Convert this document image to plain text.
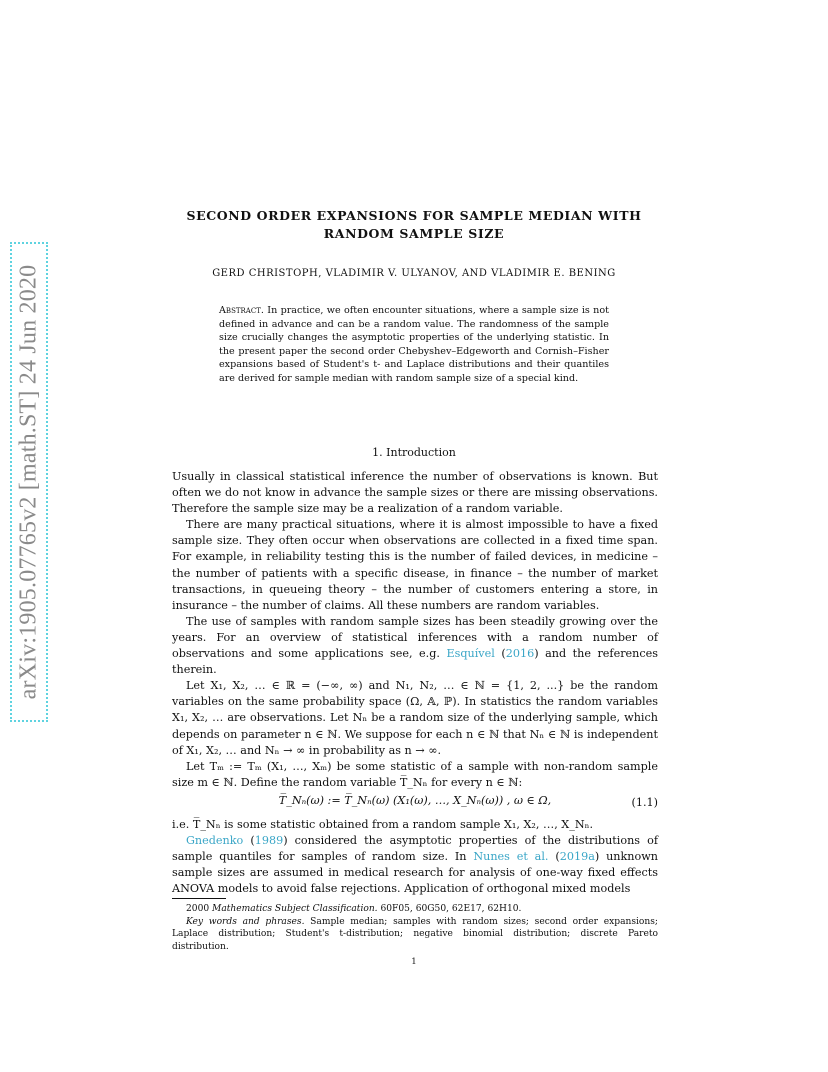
arXiv:1905.07765v2 [math.ST] 24 Jun 2020
SECOND ORDER EXPANSIONS FOR SAMPLE MEDIAN WITH
RANDOM SAMPLE SIZE
GERD CHRISTOPH, VLADIMIR V. ULYANOV, AND VLADIMIR E. BENING
Abstract. In practice, we often encounter situations, where a sample size is not defined in advance and can be a random value. The randomness of the sample size crucially changes the asymptotic properties of the underlying statistic. In the present paper the second order Chebyshev–Edgeworth and Cornish–Fisher expansions based of Student's t- and Laplace distributions and their quantiles are derived for sample median with random sample size of a special kind.
1. Introduction

Usually in classical statistical inference the number of observations is known. But often we do not know in advance the sample sizes or there are missing observations. Therefore the sample size may be a realization of a random variable.

There are many practical situations, where it is almost impossible to have a fixed sample size. They often occur when observations are collected in a fixed time span. For example, in reliability testing this is the number of failed devices, in medicine – the number of patients with a specific disease, in finance – the number of market transactions, in queueing theory – the number of customers entering a store, in insurance – the number of claims. All these numbers are random variables.

The use of samples with random sample sizes has been steadily growing over the years. For an overview of statistical inferences with a random number of observations and some applications see, e.g. Esquível (2016) and the references therein.

Let X₁, X₂, … ∈ ℝ = (−∞, ∞) and N₁, N₂, … ∈ ℕ = {1, 2, ...} be the random variables on the same probability space (Ω, 𝔸, ℙ). In statistics the random variables X₁, X₂, … are observations. Let Nₙ be a random size of the underlying sample, which depends on parameter n ∈ ℕ. We suppose for each n ∈ ℕ that Nₙ ∈ ℕ is independent of X₁, X₂, … and Nₙ → ∞ in probability as n → ∞.

Let Tₘ := Tₘ (X₁, …, Xₘ) be some statistic of a sample with non-random sample size m ∈ ℕ. Define the random variable T̅_Nₙ for every n ∈ ℕ:

T̅_Nₙ(ω) := T̅_Nₙ(ω) (X₁(ω), …, X_Nₙ(ω)) , ω ∈ Ω,	(1.1)

i.e. T̅_Nₙ is some statistic obtained from a random sample X₁, X₂, …, X_Nₙ.

Gnedenko (1989) considered the asymptotic properties of the distributions of sample quantiles for samples of random size. In Nunes et al. (2019a) unknown sample sizes are assumed in medical research for analysis of one-way fixed effects ANOVA models to avoid false rejections. Application of orthogonal mixed models

2000 Mathematics Subject Classification. 60F05, 60G50, 62E17, 62H10.

Key words and phrases. Sample median; samples with random sizes; second order expansions; Laplace distribution; Student's t-distribution; negative binomial distribution; discrete Pareto distribution.

1
